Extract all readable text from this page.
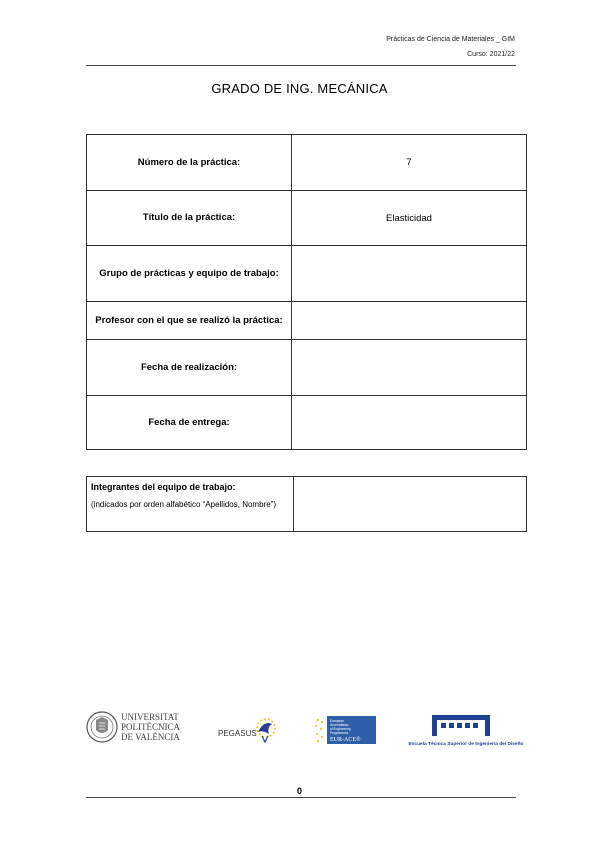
Prácticas de Ciencia de Materiales _ GIM
Curso: 2021/22
GRADO DE ING. MECÁNICA
Número de la práctica:	7
Título de la práctica:	Elasticidad
Grupo de prácticas y equipo de trabajo:	
Profesor con el que se realizó la práctica:	
Fecha de realización:	
Fecha de entrega:	
Integrantes del equipo de trabajo:
(indicados por orden alfabético “Apellidos, Nombre”)

UNIVERSITAT
POLITÈCNICA
DE VALÈNCIA	PEGASUS
European
Accreditation
of Engineering
Programmes
EUR-ACE®
Escuela Técnica Superior de Ingeniería del Diseño
0
